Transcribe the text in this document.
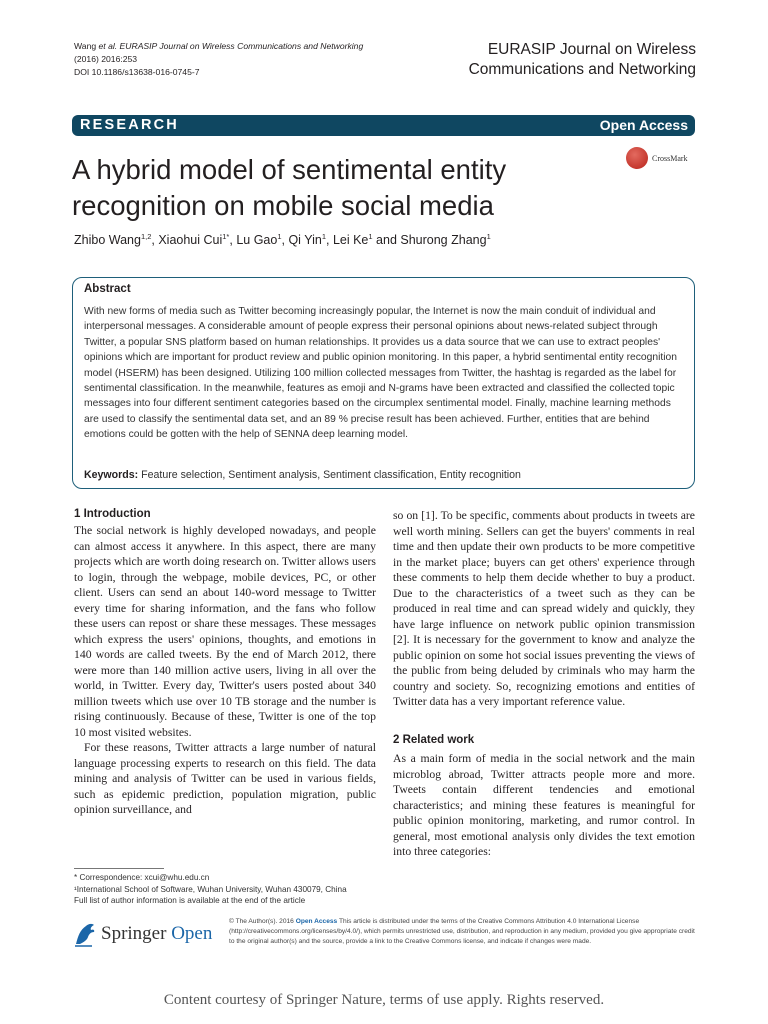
Wang et al. EURASIP Journal on Wireless Communications and Networking (2016) 2016:253
DOI 10.1186/s13638-016-0745-7
EURASIP Journal on Wireless
Communications and Networking
RESEARCH	Open Access
A hybrid model of sentimental entity recognition on mobile social media
CrossMark
Zhibo Wang$^{1,2}$, Xiaohui Cui$^{1*}$, Lu Gao$^1$, Qi Yin$^1$, Lei Ke$^1$ and Shurong Zhang$^1$
Abstract

With new forms of media such as Twitter becoming increasingly popular, the Internet is now the main conduit of individual and interpersonal messages. A considerable amount of people express their personal opinions about news-related subject through Twitter, a popular SNS platform based on human relationships. It provides us a data source that we can use to extract peoples' opinions which are important for product review and public opinion monitoring. In this paper, a hybrid sentimental entity recognition model (HSERM) has been designed. Utilizing 100 million collected messages from Twitter, the hashtag is regarded as the label for sentimental classification. In the meanwhile, features as emoji and N-grams have been extracted and classified the collected topic messages into four different sentiment categories based on the circumplex sentimental model. Finally, machine learning methods are used to classify the sentimental data set, and an 89 % precise result has been achieved. Further, entities that are behind emotions could be gotten with the help of SENNA deep learning model.

Keywords: Feature selection, Sentiment analysis, Sentiment classification, Entity recognition
1 Introduction

The social network is highly developed nowadays, and people can almost access it anywhere. In this aspect, there are many projects which are worth doing research on. Twitter allows users to login, through the webpage, mobile devices, PC, or other client. Users can send an about 140-word message to Twitter every time for sharing information, and the fans who follow these users can repost or share these messages. These messages which express the users' opinions, thoughts, and emotions in 140 words are called tweets. By the end of March 2012, there were more than 140 million active users, living in all over the world, in Twitter. Every day, Twitter's users posted about 340 million tweets which use over 10 TB storage and the number is rising continuously. Because of these, Twitter is one of the top 10 most visited websites.

For these reasons, Twitter attracts a large number of natural language processing experts to research on this field. The data mining and analysis of Twitter can be used in various fields, such as epidemic prediction, population migration, public opinion surveillance, and

so on [1]. To be specific, comments about products in tweets are well worth mining. Sellers can get the buyers' comments in real time and then update their own products to be more competitive in the market place; buyers can get others' experience through these comments to help them decide whether to buy a product. Due to the characteristics of a tweet such as they can be produced in real time and can spread widely and quickly, they have large influence on network public opinion transmission [2]. It is necessary for the government to know and analyze the public opinion on some hot social issues preventing the views of the public from being deluded by criminals who may harm the country and society. So, recognizing emotions and entities of Twitter data has a very important reference value.

2 Related work

As a main form of media in the social network and the main microblog abroad, Twitter attracts people more and more. Tweets contain different tendencies and emotional characteristics; and mining these features is meaningful for public opinion monitoring, marketing, and rumor control. In general, most emotional analysis only divides the text emotion into three categories:

* Correspondence: xcui@whu.edu.cn
¹International School of Software, Wuhan University, Wuhan 430079, China
Full list of author information is available at the end of the article
Springer Open
© The Author(s). 2016 Open Access This article is distributed under the terms of the Creative Commons Attribution 4.0 International License (http://creativecommons.org/licenses/by/4.0/), which permits unrestricted use, distribution, and reproduction in any medium, provided you give appropriate credit to the original author(s) and the source, provide a link to the Creative Commons license, and indicate if changes were made.
Content courtesy of Springer Nature, terms of use apply. Rights reserved.
